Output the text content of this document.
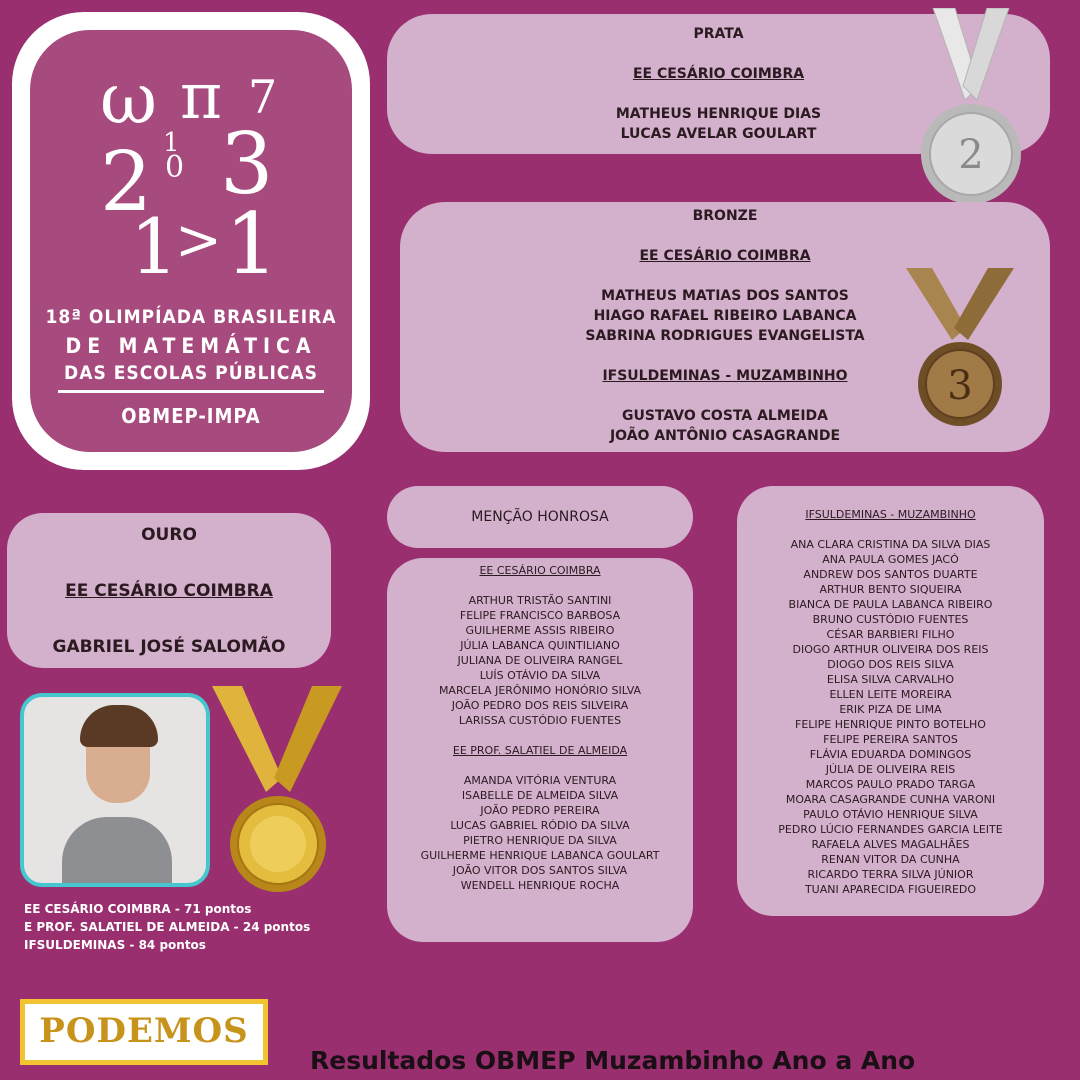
ω π 7
2 1
0 3
1
> 1
18ª OLIMPÍADA BRASILEIRA
DE MATEMÁTICA
DAS ESCOLAS PÚBLICAS
OBMEP-IMPA
PRATA
EE CESÁRIO COIMBRA
MATHEUS HENRIQUE DIAS
LUCAS AVELAR GOULART	2
BRONZE
EE CESÁRIO COIMBRA
MATHEUS MATIAS DOS SANTOS
HIAGO RAFAEL RIBEIRO LABANCA
SABRINA RODRIGUES EVANGELISTA
IFSULDEMINAS - MUZAMBINHO
GUSTAVO COSTA ALMEIDA
JOÃO ANTÔNIO CASAGRANDE
3
OURO
EE CESÁRIO COIMBRA
GABRIEL JOSÉ SALOMÃO
EE CESÁRIO COIMBRA - 71 pontos
E PROF. SALATIEL DE ALMEIDA - 24 pontos
IFSULDEMINAS - 84 pontos
MENÇÃO HONROSA
EE CESÁRIO COIMBRA
ARTHUR TRISTÃO SANTINI
FELIPE FRANCISCO BARBOSA
GUILHERME ASSIS RIBEIRO
JÚLIA LABANCA QUINTILIANO
JULIANA DE OLIVEIRA RANGEL
LUÍS OTÁVIO DA SILVA
MARCELA JERÔNIMO HONÓRIO SILVA
JOÃO PEDRO DOS REIS SILVEIRA
LARISSA CUSTÓDIO FUENTES
EE PROF. SALATIEL DE ALMEIDA
AMANDA VITÓRIA VENTURA
ISABELLE DE ALMEIDA SILVA
JOÃO PEDRO PEREIRA
LUCAS GABRIEL RÓDIO DA SILVA
PIETRO HENRIQUE DA SILVA
GUILHERME HENRIQUE LABANCA GOULART
JOÃO VITOR DOS SANTOS SILVA
WENDELL HENRIQUE ROCHA
IFSULDEMINAS - MUZAMBINHO
ANA CLARA CRISTINA DA SILVA DIAS
ANA PAULA GOMES JACÓ
ANDREW DOS SANTOS DUARTE
ARTHUR BENTO SIQUEIRA
BIANCA DE PAULA LABANCA RIBEIRO
BRUNO CUSTÓDIO FUENTES
CÉSAR BARBIERI FILHO
DIOGO ARTHUR OLIVEIRA DOS REIS
DIOGO DOS REIS SILVA
ELISA SILVA CARVALHO
ELLEN LEITE MOREIRA
ERIK PIZA DE LIMA
FELIPE HENRIQUE PINTO BOTELHO
FELIPE PEREIRA SANTOS
FLÁVIA EDUARDA DOMINGOS
JÚLIA DE OLIVEIRA REIS
MARCOS PAULO PRADO TARGA
MOARA CASAGRANDE CUNHA VARONI
PAULO OTÁVIO HENRIQUE SILVA
PEDRO LÚCIO FERNANDES GARCIA LEITE
RAFAELA ALVES MAGALHÃES
RENAN VITOR DA CUNHA
RICARDO TERRA SILVA JÚNIOR
TUANI APARECIDA FIGUEIREDO
PODEMOS
Resultados OBMEP Muzambinho Ano a Ano
